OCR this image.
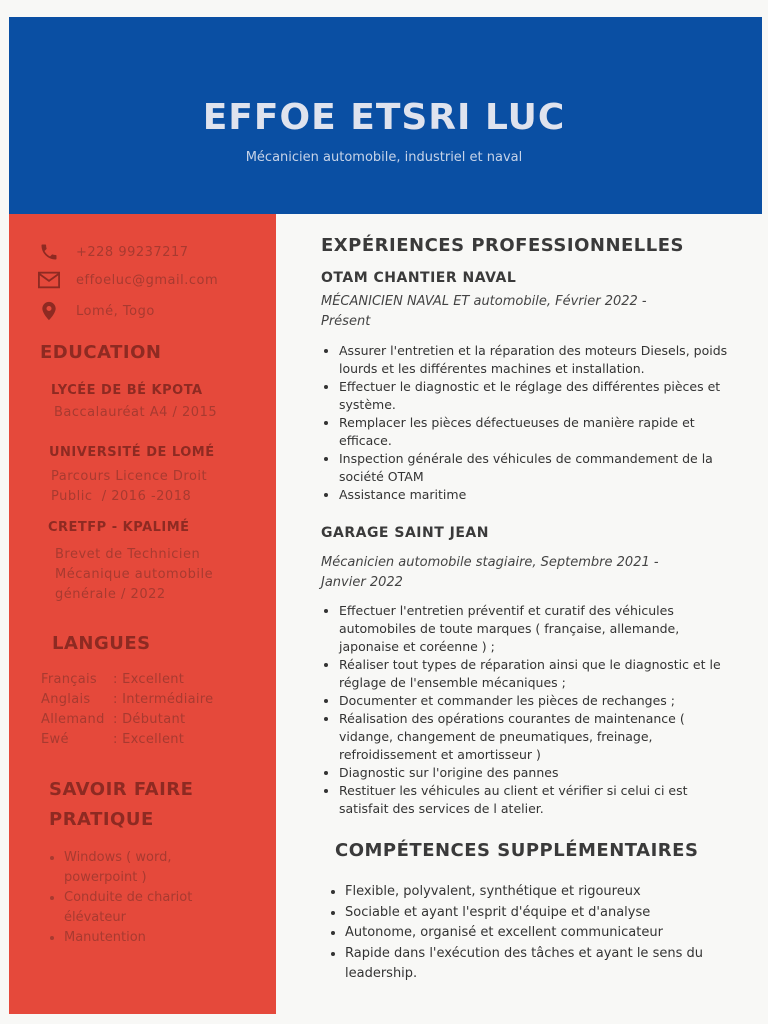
EFFOE ETSRI LUC
Mécanicien automobile, industriel et naval
+228 99237217
effoeluc@gmail.com
Lomé, Togo
EDUCATION
LYCÉE DE BÉ KPOTA
Baccalauréat A4 / 2015
UNIVERSITÉ DE LOMÉ
Parcours Licence Droit
Public  / 2016 -2018
CRETFP - KPALIMÉ
Brevet de Technicien
Mécanique automobile
générale / 2022
LANGUES
Français : Excellent
Anglais : Intermédiaire
Allemand : Débutant
Ewé	: Excellent
SAVOIR FAIRE
PRATIQUE
• Windows ( word, powerpoint )
• Conduite de chariot élévateur
• Manutention
EXPÉRIENCES PROFESSIONNELLES
OTAM CHANTIER NAVAL
MÉCANICIEN NAVAL ET automobile, Février 2022 - Présent
• Assurer l'entretien et la réparation des moteurs Diesels, poids lourds et les différentes machines et installation.
• Effectuer le diagnostic et le réglage des différentes pièces et système.
• Remplacer les pièces défectueuses de manière rapide et efficace.
• Inspection générale des véhicules de commandement de la société OTAM
• Assistance maritime
GARAGE SAINT JEAN
Mécanicien automobile stagiaire, Septembre 2021 - Janvier 2022
• Effectuer l'entretien préventif et curatif des véhicules automobiles de toute marques ( française, allemande, japonaise et coréenne ) ;
• Réaliser tout types de réparation ainsi que le diagnostic et le réglage de l'ensemble mécaniques ;
• Documenter et commander les pièces de rechanges ;
• Réalisation des opérations courantes de maintenance ( vidange, changement de pneumatiques, freinage, refroidissement et amortisseur )
• Diagnostic sur l'origine des pannes
• Restituer les véhicules au client et vérifier si celui ci est satisfait des services de l atelier.
COMPÉTENCES SUPPLÉMENTAIRES
• Flexible, polyvalent, synthétique et rigoureux
• Sociable et ayant l'esprit d'équipe et d'analyse
• Autonome, organisé et excellent communicateur
• Rapide dans l'exécution des tâches et ayant le sens du leadership.
